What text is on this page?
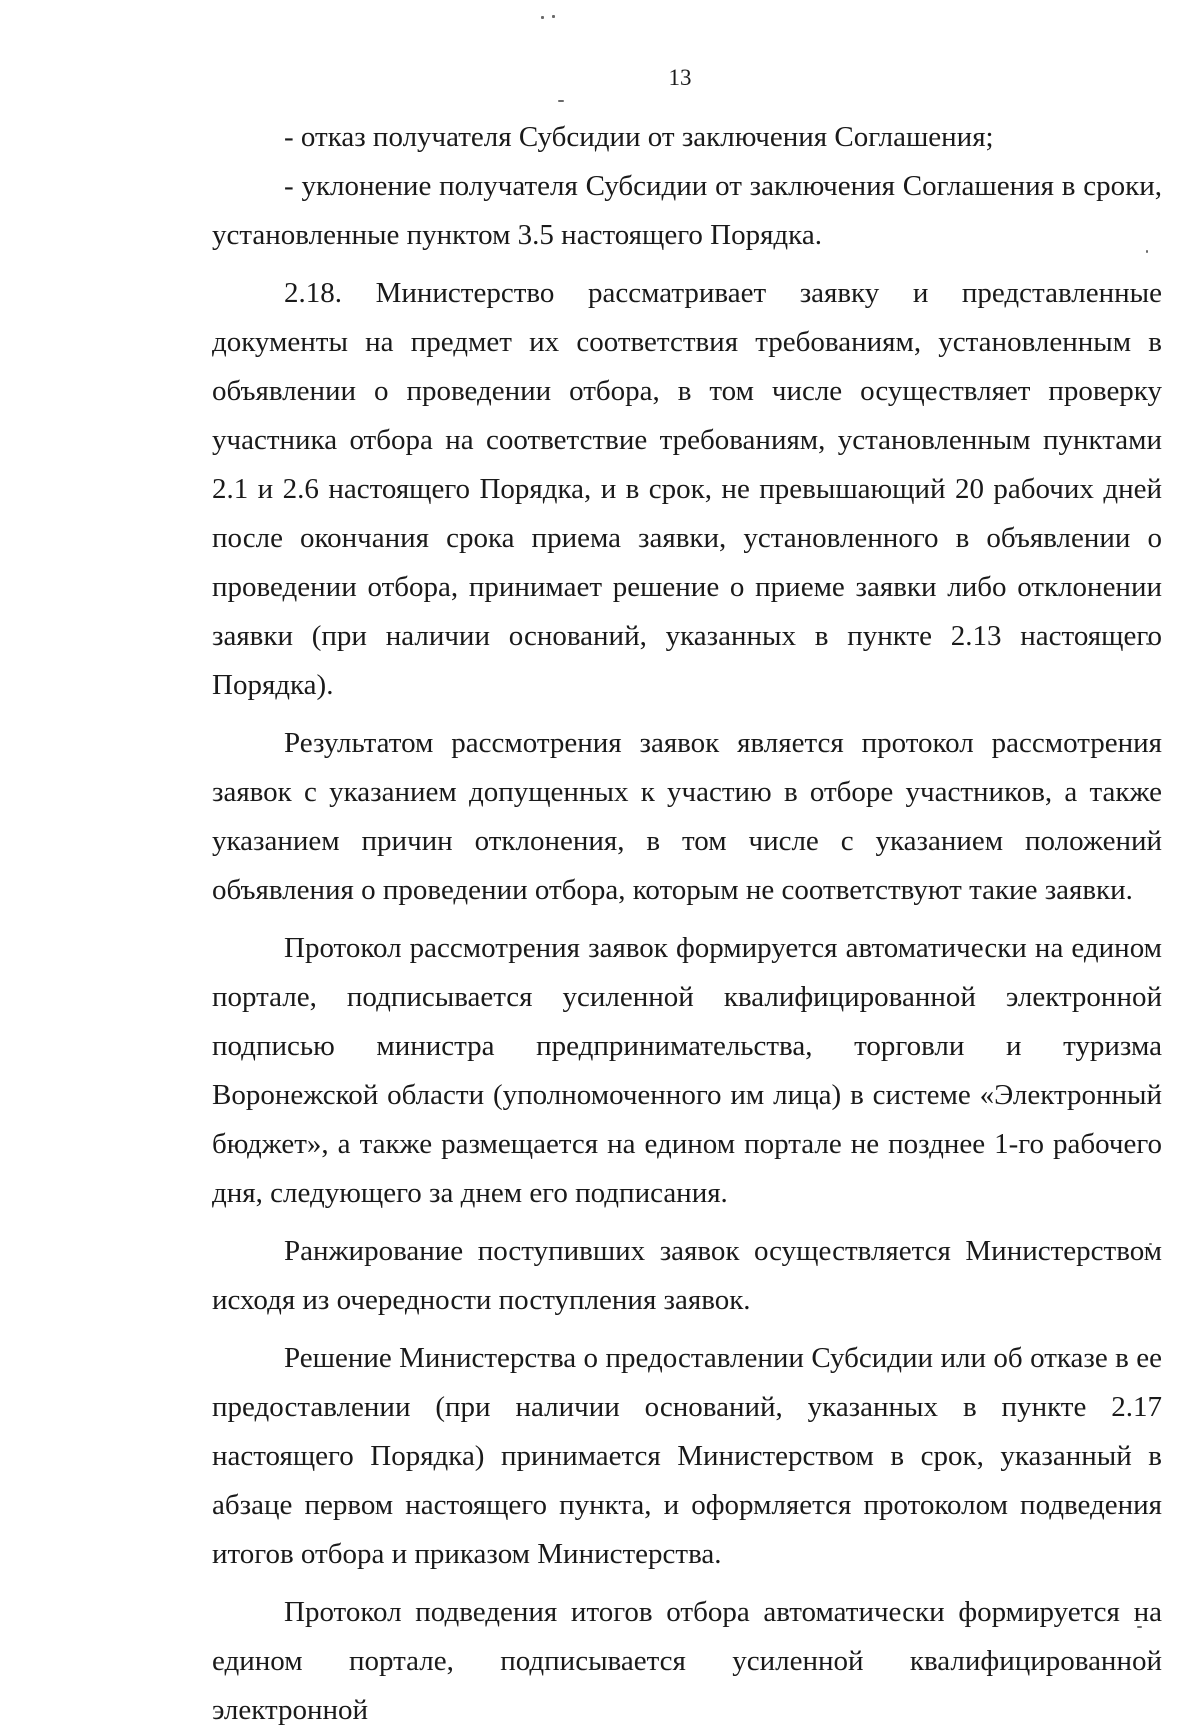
13

- отказ получателя Субсидии от заключения Соглашения;

- уклонение получателя Субсидии от заключения Соглашения в сроки, установленные пунктом 3.5 настоящего Порядка.

2.18. Министерство рассматривает заявку и представленные документы на предмет их соответствия требованиям, установленным в объявлении о проведении отбора, в том числе осуществляет проверку участника отбора на соответствие требованиям, установленным пунктами 2.1 и 2.6 настоящего Порядка, и в срок, не превышающий 20 рабочих дней после окончания срока приема заявки, установленного в объявлении о проведении отбора, принимает решение о приеме заявки либо отклонении заявки (при наличии оснований, указанных в пункте 2.13 настоящего Порядка).

Результатом рассмотрения заявок является протокол рассмотрения заявок с указанием допущенных к участию в отборе участников, а также указанием причин отклонения, в том числе с указанием положений объявления о проведении отбора, которым не соответствуют такие заявки.

Протокол рассмотрения заявок формируется автоматически на едином портале, подписывается усиленной квалифицированной электронной подписью министра предпринимательства, торговли и туризма Воронежской области (уполномоченного им лица) в системе «Электронный бюджет», а также размещается на едином портале не позднее 1-го рабочего дня, следующего за днем его подписания.

Ранжирование поступивших заявок осуществляется Министерством исходя из очередности поступления заявок.

Решение Министерства о предоставлении Субсидии или об отказе в ее предоставлении (при наличии оснований, указанных в пункте 2.17 настоящего Порядка) принимается Министерством в срок, указанный в абзаце первом настоящего пункта, и оформляется протоколом подведения итогов отбора и приказом Министерства.

Протокол подведения итогов отбора автоматически формируется на едином портале, подписывается усиленной квалифицированной электронной
